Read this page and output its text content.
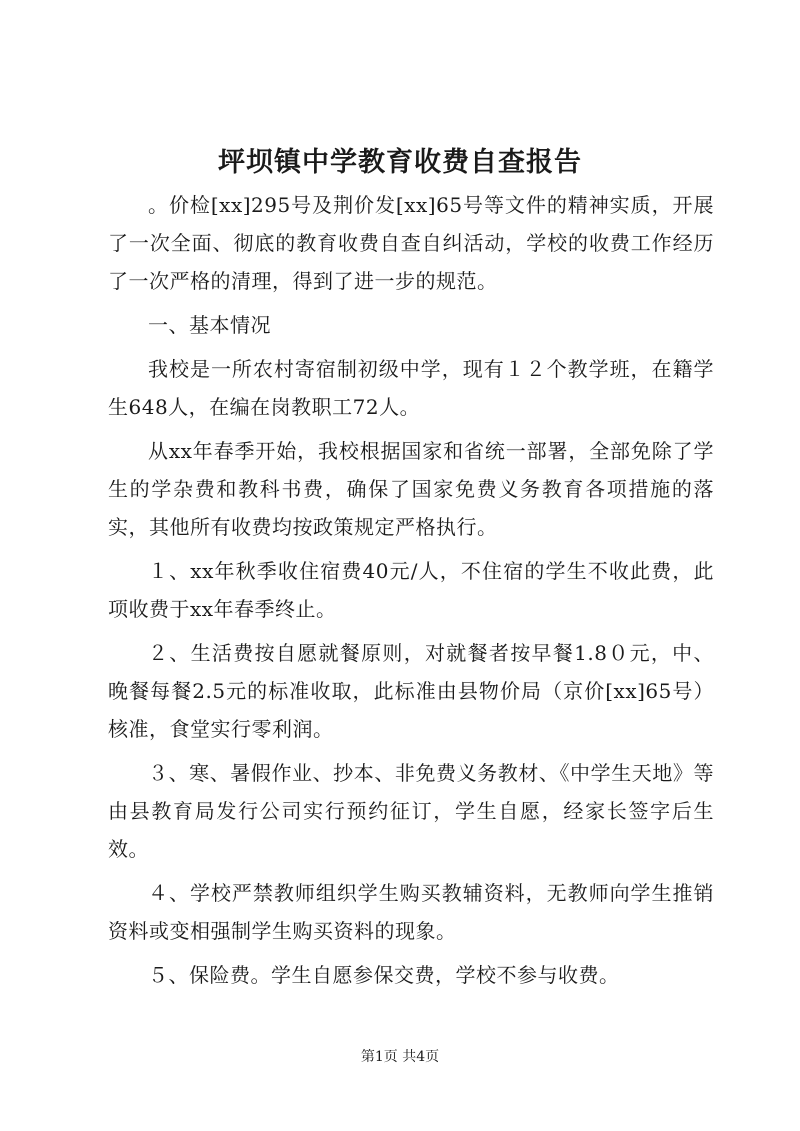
坪坝镇中学教育收费自查报告

。价检[xx]295号及荆价发[xx]65号等文件的精神实质，开展了一次全面、彻底的教育收费自查自纠活动，学校的收费工作经历了一次严格的清理，得到了进一步的规范。

一、基本情况

我校是一所农村寄宿制初级中学，现有１２个教学班，在籍学生648人，在编在岗教职工72人。

从xx年春季开始，我校根据国家和省统一部署，全部免除了学生的学杂费和教科书费，确保了国家免费义务教育各项措施的落实，其他所有收费均按政策规定严格执行。

１、xx年秋季收住宿费40元/人，不住宿的学生不收此费，此项收费于xx年春季终止。

２、生活费按自愿就餐原则，对就餐者按早餐1.8０元，中、晚餐每餐2.5元的标准收取，此标准由县物价局（京价[xx]65号）核准，食堂实行零利润。

３、寒、暑假作业、抄本、非免费义务教材、《中学生天地》等由县教育局发行公司实行预约征订，学生自愿，经家长签字后生效。

４、学校严禁教师组织学生购买教辅资料，无教师向学生推销资料或变相强制学生购买资料的现象。

５、保险费。学生自愿参保交费，学校不参与收费。

第1页 共4页
